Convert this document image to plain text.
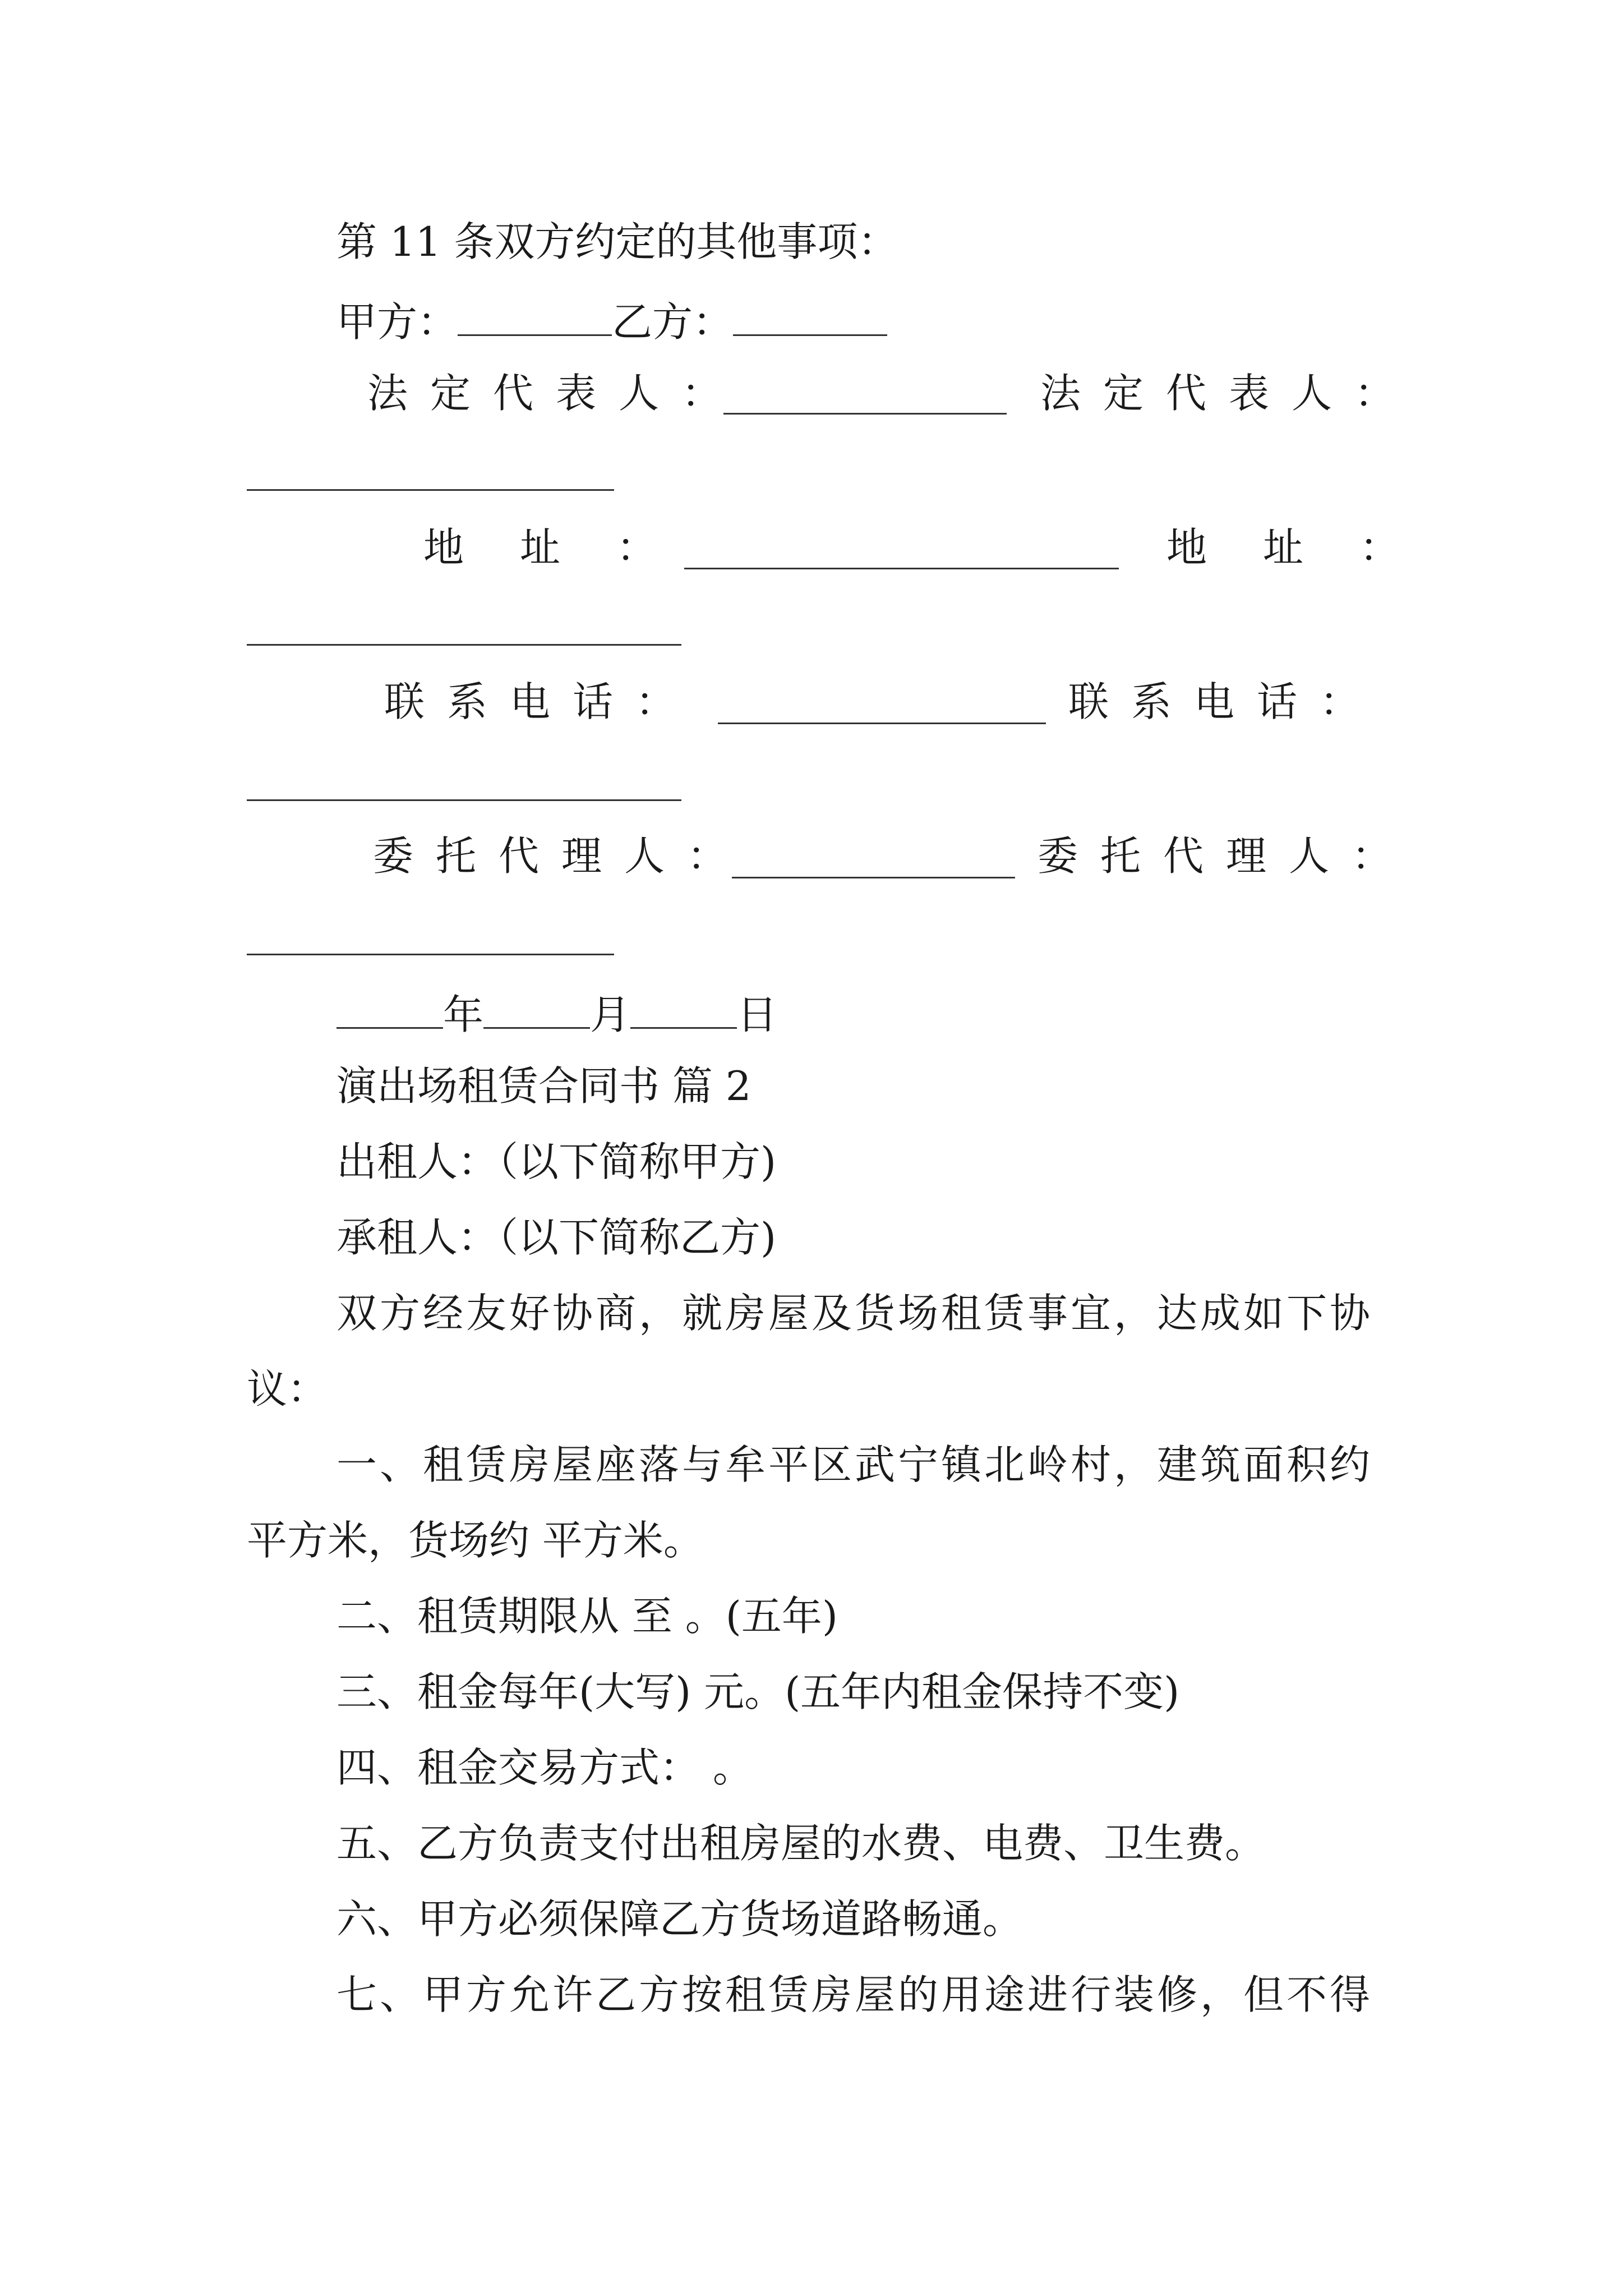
第 11 条双方约定的其他事项：
甲方：	乙方：
法定代表人：	法定代表人：
地址：	地址：
联系电话：	联系电话：
委托代理人：	委托代理人：
年	月	日
演出场租赁合同书 篇 2
出租人：（以下简称甲方)
承租人：（以下简称乙方)
双方经友好协商，就房屋及货场租赁事宜，达成如下协
议：
一、租赁房屋座落与牟平区武宁镇北岭村，建筑面积约
平方米，货场约 平方米。
二、租赁期限从 至 。(五年)
三、租金每年(大写) 元。(五年内租金保持不变)
四、租金交易方式： 。
五、乙方负责支付出租房屋的水费、电费、卫生费。
六、甲方必须保障乙方货场道路畅通。
七、甲方允许乙方按租赁房屋的用途进行装修，但不得
